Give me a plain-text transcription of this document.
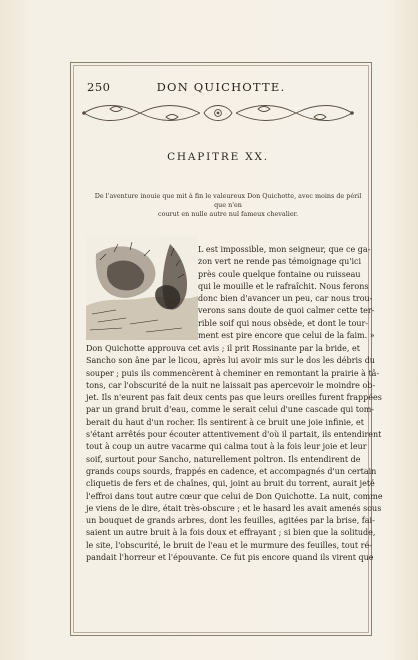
250	DON QUICHOTTE.
CHAPITRE XX.
De l'aventure inouie que mit à fin le valeureux Don Quichotte, avec moins de péril que n'en
courut en nulle autre nul fameux chevalier.
L est impossible, mon seigneur, que ce ga-
zon vert ne rende pas témoignage qu'ici
près coule quelque fontaine ou ruisseau
qui le mouille et le rafraîchit. Nous ferons
donc bien d'avancer un peu, car nous trou-
verons sans doute de quoi calmer cette ter-
rible soif qui nous obsède, et dont le tour-
ment est pire encore que celui de la faim. »
Don Quichotte approuva cet avis ; il prit Rossinante par la bride, et
Sancho son âne par le licou, après lui avoir mis sur le dos les débris du
souper ; puis ils commencèrent à cheminer en remontant la prairie à tâ-
tons, car l'obscurité de la nuit ne laissait pas apercevoir le moindre ob-
jet. Ils n'eurent pas fait deux cents pas que leurs oreilles furent frappées
par un grand bruit d'eau, comme le serait celui d'une cascade qui tom-
berait du haut d'un rocher. Ils sentirent à ce bruit une joie infinie, et
s'étant arrêtés pour écouter attentivement d'où il partait, ils entendirent
tout à coup un autre vacarme qui calma tout à la fois leur joie et leur
soif, surtout pour Sancho, naturellement poltron. Ils entendirent de
grands coups sourds, frappés en cadence, et accompagnés d'un certain
cliquetis de fers et de chaînes, qui, joint au bruit du torrent, aurait jeté
l'effroi dans tout autre cœur que celui de Don Quichotte. La nuit, comme
je viens de le dire, était très-obscure ; et le hasard les avait amenés sous
un bouquet de grands arbres, dont les feuilles, agitées par la brise, fai-
saient un autre bruit à la fois doux et effrayant ; si bien que la solitude,
le site, l'obscurité, le bruit de l'eau et le murmure des feuilles, tout ré-
pandait l'horreur et l'épouvante. Ce fut pis encore quand ils virent que
